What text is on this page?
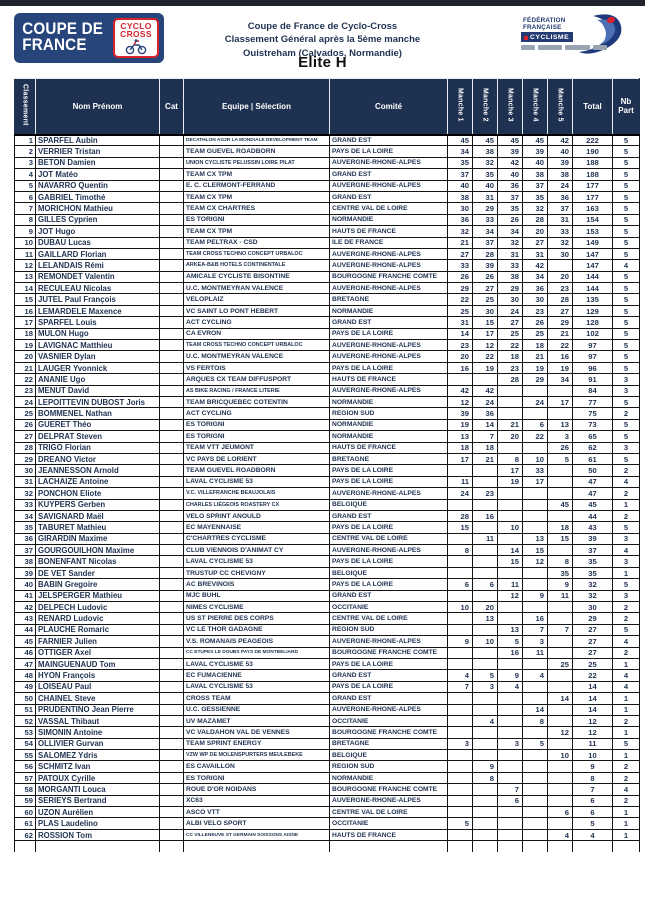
COUPE DE
FRANCE
CYCLO
CROSS
Coupe de France de Cyclo-Cross
Classement Général après la 5ème manche
Ouistreham (Calvados, Normandie)
Elite H
FÉDÉRATION
FRANÇAISE
CYCLISME
Classement	Nom Prénom	Cat	Equipe | Sélection	Comité	Manche 1	Manche 2	Manche 3	Manche 4	Manche 5	Total	Nb Part
1	SPARFEL Aubin		DECATHLON AG2R LA MONDIALE DEVELOPMENT TEAM	GRAND EST	45	45	45	45	42	222	5
2	VERRIER Tristan		TEAM GUEVEL ROADBORN	PAYS DE LA LOIRE	34	38	39	39	40	190	5
3	BETON Damien		UNION CYCLISTE PELUSSIN LOIRE PILAT	AUVERGNE-RHONE-ALPES	35	32	42	40	39	188	5
4	JOT Matéo		TEAM CX TPM	GRAND EST	37	35	40	38	38	188	5
5	NAVARRO Quentin		E. C. CLERMONT-FERRAND	AUVERGNE-RHONE-ALPES	40	40	36	37	24	177	5
6	GABRIEL Timothé		TEAM CX TPM	GRAND EST	38	31	37	35	36	177	5
7	MORICHON Mathieu		TEAM CX CHARTRES	CENTRE VAL DE LOIRE	30	29	35	32	37	163	5
8	GILLES Cyprien		ES TORIGNI	NORMANDIE	36	33	26	28	31	154	5
9	JOT Hugo		TEAM CX TPM	HAUTS DE FRANCE	32	34	34	20	33	153	5
10	DUBAU Lucas		TEAM PELTRAX - CSD	ILE DE FRANCE	21	37	32	27	32	149	5
11	GAILLARD Florian		TEAM CROSS TECHNO CONCEPT URBALOC	AUVERGNE-RHONE-ALPES	27	28	31	31	30	147	5
12	LELANDAIS Rémi		ARKEA-B&B HOTELS CONTINENTALE	AUVERGNE-RHONE-ALPES	33	39	33	42		147	4
13	REMONDET Valentin		AMICALE CYCLISTE BISONTINE	BOURGOGNE FRANCHE COMTE	26	26	38	34	20	144	5
14	RECULEAU Nicolas		U.C. MONTMEYRAN VALENCE	AUVERGNE-RHONE-ALPES	29	27	29	36	23	144	5
15	JUTEL Paul François		VELOPLAIZ	BRETAGNE	22	25	30	30	28	135	5
16	LEMARDELE Maxence		VC SAINT LO PONT HEBERT	NORMANDIE	25	30	24	23	27	129	5
17	SPARFEL Louis		ACT CYCLING	GRAND EST	31	15	27	26	29	128	5
18	MULON Hugo		CA EVRON	PAYS DE LA LOIRE	14	17	25	25	21	102	5
19	LAVIGNAC Matthieu		TEAM CROSS TECHNO CONCEPT URBALOC	AUVERGNE-RHONE-ALPES	23	12	22	18	22	97	5
20	VASNIER Dylan		U.C. MONTMEYRAN VALENCE	AUVERGNE-RHONE-ALPES	20	22	18	21	16	97	5
21	LAUGER Yvonnick		VS FERTOIS	PAYS DE LA LOIRE	16	19	23	19	19	96	5
22	ANANIE Ugo		ARQUES CX TEAM DIFFUSPORT	HAUTS DE FRANCE			28	29	34	91	3
23	MENUT David		AS BIKE RACING / FRANCE LITERIE	AUVERGNE-RHONE-ALPES	42	42				84	3
24	LEPOITTEVIN DUBOST Joris		TEAM BRICQUEBEC COTENTIN	NORMANDIE	12	24		24	17	77	5
25	BOMMENEL Nathan		ACT CYCLING	REGION SUD	39	36				75	2
26	GUERET Théo		ES TORIGNI	NORMANDIE	19	14	21	6	13	73	5
27	DELPRAT Steven		ES TORIGNI	NORMANDIE	13	7	20	22	3	65	5
28	TRIGO Florian		TEAM VTT JEUMONT	HAUTS DE FRANCE	18	18			26	62	3
29	DREANO Victor		VC PAYS DE LORIENT	BRETAGNE	17	21	8	10	5	61	5
30	JEANNESSON Arnold		TEAM GUEVEL ROADBORN	PAYS DE LA LOIRE			17	33		50	2
31	LACHAIZE Antoine		LAVAL CYCLISME 53	PAYS DE LA LOIRE	11		19	17		47	4
32	PONCHON Eliote		V.C. VILLEFRANCHE BEAUJOLAIS	AUVERGNE-RHONE-ALPES	24	23				47	2
33	KUYPERS Gerben		CHARLES LIÉGEOIS ROASTERY CX	BELGIQUE					45	45	1
34	SAVIGNARD Maël		VELO SPRINT ANOULD	GRAND EST	28	16				44	2
35	TABURET Mathieu		EC MAYENNAISE	PAYS DE LA LOIRE	15		10		18	43	5
36	GIRARDIN Maxime		C'CHARTRES CYCLISME	CENTRE VAL DE LOIRE		11		13	15	39	3
37	GOURGOUILHON Maxime		CLUB VIENNOIS D'ANIMAT CY	AUVERGNE-RHONE-ALPES	8		14	15		37	4
38	BONENFANT Nicolas		LAVAL CYCLISME 53	PAYS DE LA LOIRE			15	12	8	35	3
39	DE VET Sander		TRUSTUP CC CHEVIGNY	BELGIQUE					35	35	1
40	BABIN Gregoire		AC BREVINOIS	PAYS DE LA LOIRE	6	6	11		9	32	5
41	JELSPERGER Mathieu		MJC BUHL	GRAND EST			12	9	11	32	3
42	DELPECH Ludovic		NIMES CYCLISME	OCCITANIE	10	20				30	2
43	RENARD Ludovic		US ST PIERRE DES CORPS	CENTRE VAL DE LOIRE		13		16		29	2
44	PLAUCHE Romaric		VC LE THOR GADAGNE	REGION SUD			13	7	7	27	5
45	FARNIER Julien		V.S. ROMANAIS PEAGEOIS	AUVERGNE-RHONE-ALPES	9	10	5	3		27	4
46	OTTIGER Axel		CC ETUPES LE DOUBS PAYS DE MONTBELIARD	BOURGOGNE FRANCHE COMTE			16	11		27	2
47	MAINGUENAUD Tom		LAVAL CYCLISME 53	PAYS DE LA LOIRE					25	25	1
48	HYON François		EC FUMACIENNE	GRAND EST	4	5	9	4		22	4
49	LOISEAU Paul		LAVAL CYCLISME 53	PAYS DE LA LOIRE	7	3	4			14	4
50	CHAINEL Steve		CROSS TEAM	GRAND EST					14	14	1
51	PRUDENTINO Jean Pierre		U.C. GESSIENNE	AUVERGNE-RHONE-ALPES				14		14	1
52	VASSAL Thibaut		UV MAZAMET	OCCITANIE		4		8		12	2
53	SIMONIN Antoine		VC VALDAHON VAL DE VENNES	BOURGOGNE FRANCHE COMTE					12	12	1
54	OLLIVIER Gurvan		TEAM SPRINT ENERGY	BRETAGNE	3		3	5		11	5
55	SALOMEZ Ydris		VZW WP DE MOLENSPURTERS MEULEBEKE	BELGIQUE					10	10	1
56	SCHMITZ Ivan		ES CAVAILLON	REGION SUD		9				9	2
57	PATOUX Cyrille		ES TORIGNI	NORMANDIE		8				8	2
58	MORGANTI Louca		ROUE D'OR NOIDANS	BOURGOGNE FRANCHE COMTE			7			7	4
59	SERIEYS Bertrand		XC63	AUVERGNE-RHONE-ALPES			6			6	2
60	UZON Aurélien		ASCO VTT	CENTRE VAL DE LOIRE					6	6	1
61	PLAS Laudelino		ALBI VELO SPORT	OCCITANIE	5					5	1
62	ROSSION Tom		CC VILLENEUVE ST GERMAIN SOISSONS AISNE	HAUTS DE FRANCE					4	4	1
